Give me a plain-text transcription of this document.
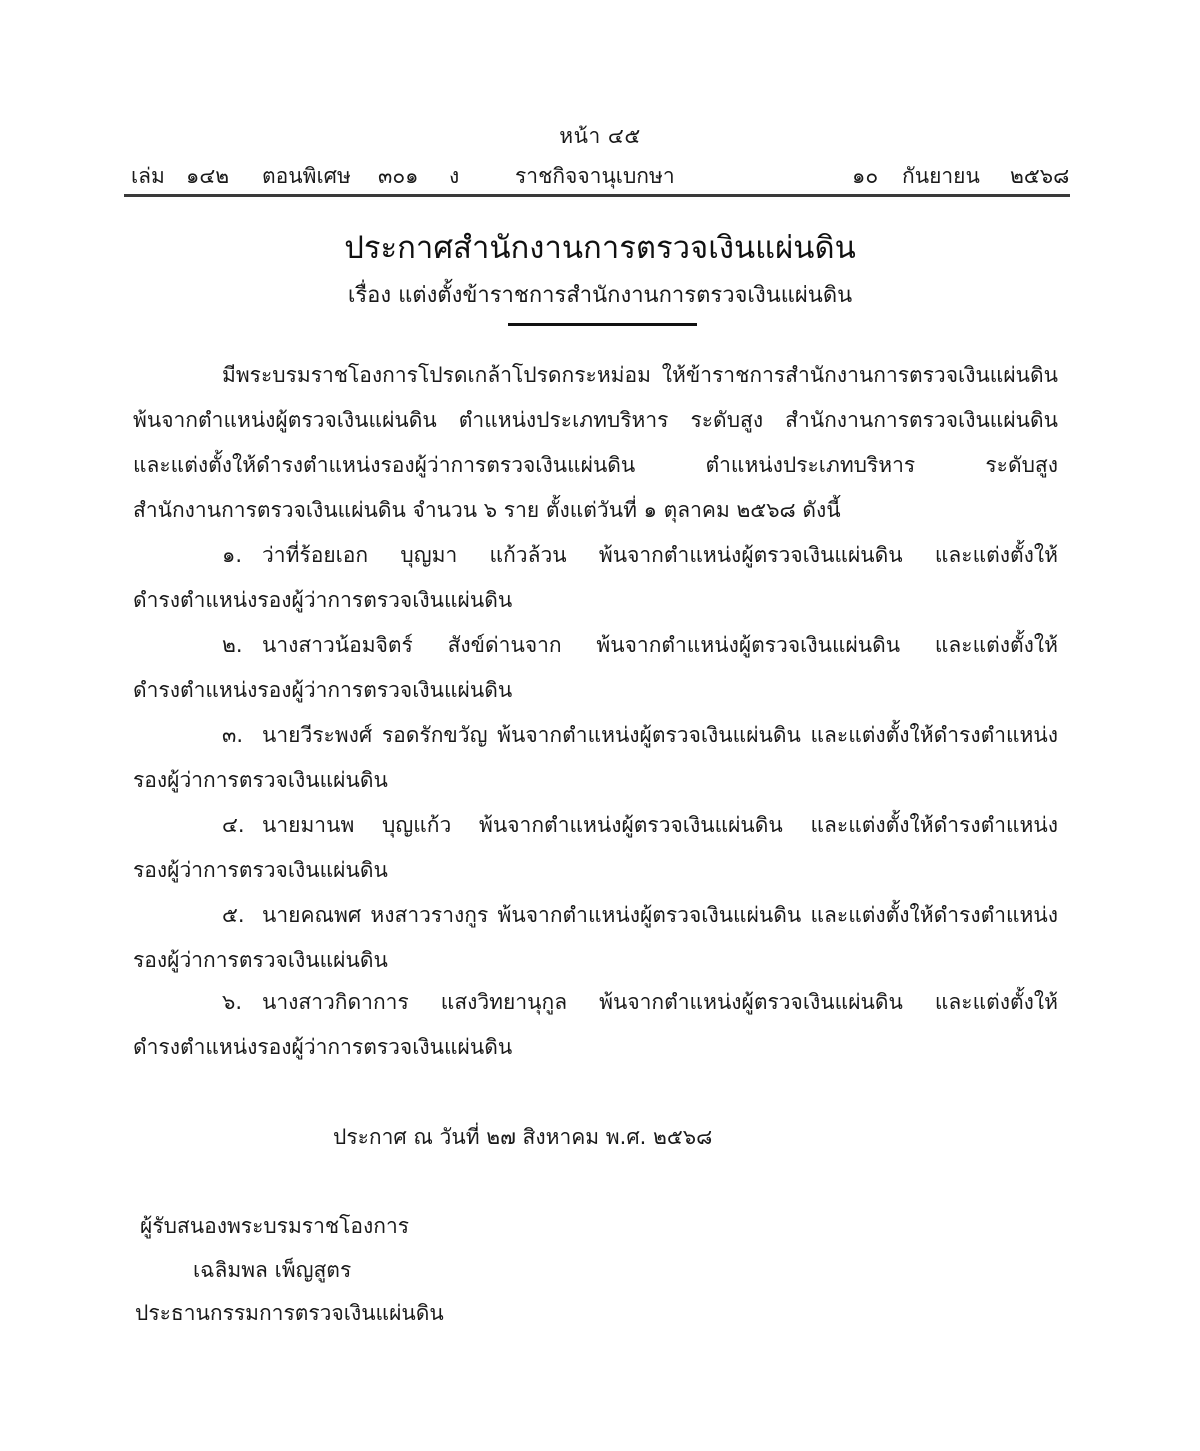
หน้า ๔๕
เล่ม ๑๔๒ ตอนพิเศษ ๓๐๑ ง	ราชกิจจานุเบกษา	๑๐ กันยายน ๒๕๖๘
ประกาศสำนักงานการตรวจเงินแผ่นดิน
เรื่อง แต่งตั้งข้าราชการสำนักงานการตรวจเงินแผ่นดิน
มีพระบรมราชโองการโปรดเกล้าโปรดกระหม่อม ให้ข้าราชการสำนักงานการตรวจเงินแผ่นดิน
พ้นจากตำแหน่งผู้ตรวจเงินแผ่นดิน ตำแหน่งประเภทบริหาร ระดับสูง สำนักงานการตรวจเงินแผ่นดิน
และแต่งตั้งให้ดำรงตำแหน่งรองผู้ว่าการตรวจเงินแผ่นดิน ตำแหน่งประเภทบริหาร ระดับสูง
สำนักงานการตรวจเงินแผ่นดิน จำนวน ๖ ราย ตั้งแต่วันที่ ๑ ตุลาคม ๒๕๖๘ ดังนี้
๑. ว่าที่ร้อยเอก บุญมา แก้วล้วน พ้นจากตำแหน่งผู้ตรวจเงินแผ่นดิน และแต่งตั้งให้
ดำรงตำแหน่งรองผู้ว่าการตรวจเงินแผ่นดิน
๒. นางสาวน้อมจิตร์ สังข์ด่านจาก พ้นจากตำแหน่งผู้ตรวจเงินแผ่นดิน และแต่งตั้งให้
ดำรงตำแหน่งรองผู้ว่าการตรวจเงินแผ่นดิน
๓. นายวีระพงศ์ รอดรักขวัญ พ้นจากตำแหน่งผู้ตรวจเงินแผ่นดิน และแต่งตั้งให้ดำรงตำแหน่ง
รองผู้ว่าการตรวจเงินแผ่นดิน
๔. นายมานพ บุญแก้ว พ้นจากตำแหน่งผู้ตรวจเงินแผ่นดิน และแต่งตั้งให้ดำรงตำแหน่ง
รองผู้ว่าการตรวจเงินแผ่นดิน
๕. นายคณพศ หงสาวรางกูร พ้นจากตำแหน่งผู้ตรวจเงินแผ่นดิน และแต่งตั้งให้ดำรงตำแหน่ง
รองผู้ว่าการตรวจเงินแผ่นดิน
๖. นางสาวกิดาการ แสงวิทยานุกูล พ้นจากตำแหน่งผู้ตรวจเงินแผ่นดิน และแต่งตั้งให้
ดำรงตำแหน่งรองผู้ว่าการตรวจเงินแผ่นดิน
ประกาศ ณ วันที่ ๒๗ สิงหาคม พ.ศ. ๒๕๖๘
ผู้รับสนองพระบรมราชโองการ
เฉลิมพล เพ็ญสูตร
ประธานกรรมการตรวจเงินแผ่นดิน
